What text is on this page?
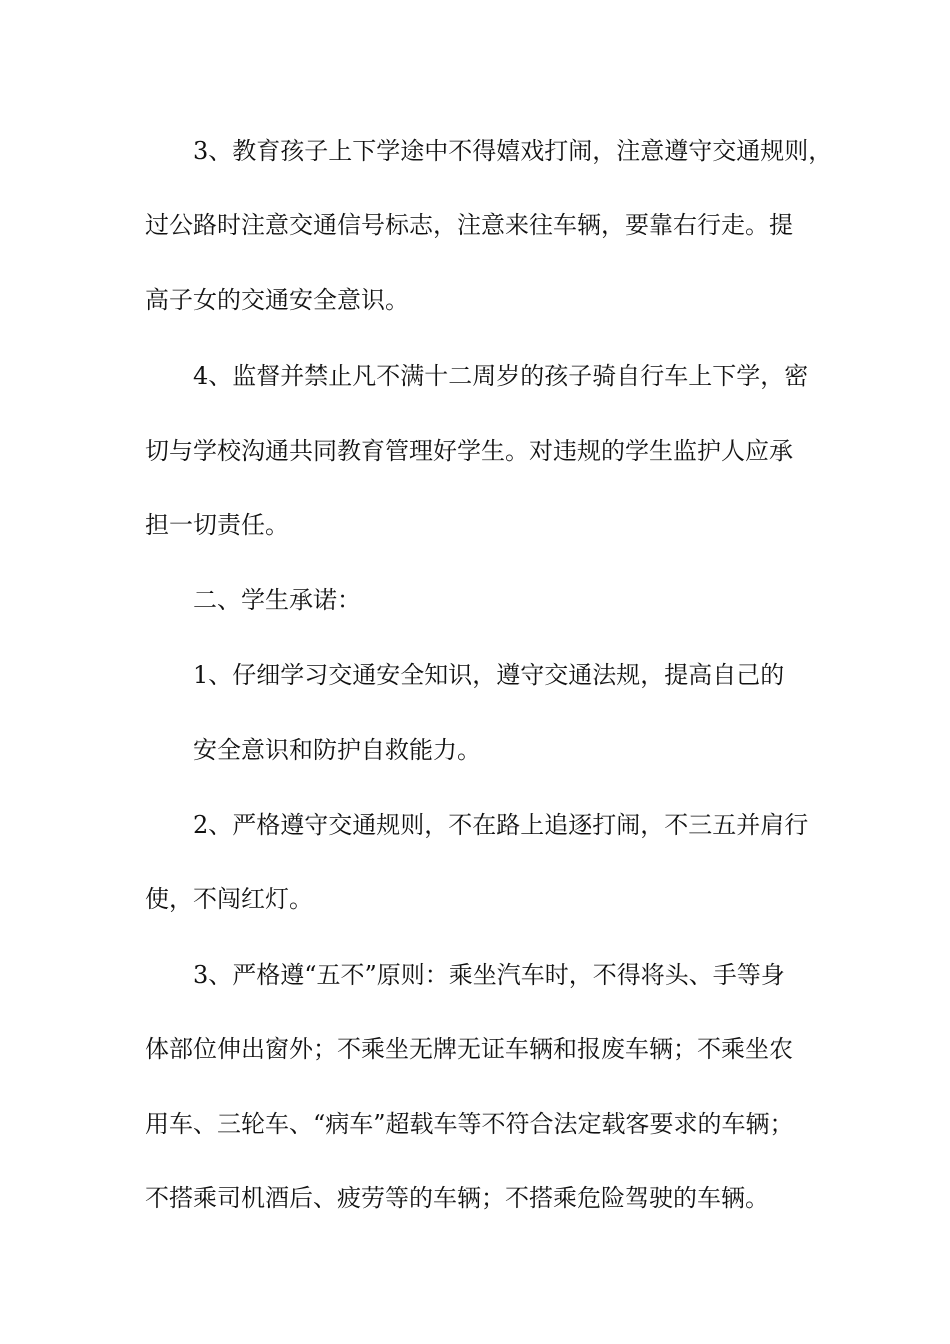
3、教育孩子上下学途中不得嬉戏打闹，注意遵守交通规则，
过公路时注意交通信号标志，注意来往车辆，要靠右行走。提
高子女的交通安全意识。
4、监督并禁止凡不满十二周岁的孩子骑自行车上下学，密
切与学校沟通共同教育管理好学生。对违规的学生监护人应承
担一切责任。
二、学生承诺：
1、仔细学习交通安全知识，遵守交通法规，提高自己的
安全意识和防护自救能力。
2、严格遵守交通规则，不在路上追逐打闹，不三五并肩行
使，不闯红灯。
3、严格遵“五不”原则：乘坐汽车时，不得将头、手等身
体部位伸出窗外；不乘坐无牌无证车辆和报废车辆；不乘坐农
用车、三轮车、“病车”超载车等不符合法定载客要求的车辆；
不搭乘司机酒后、疲劳等的车辆；不搭乘危险驾驶的车辆。
